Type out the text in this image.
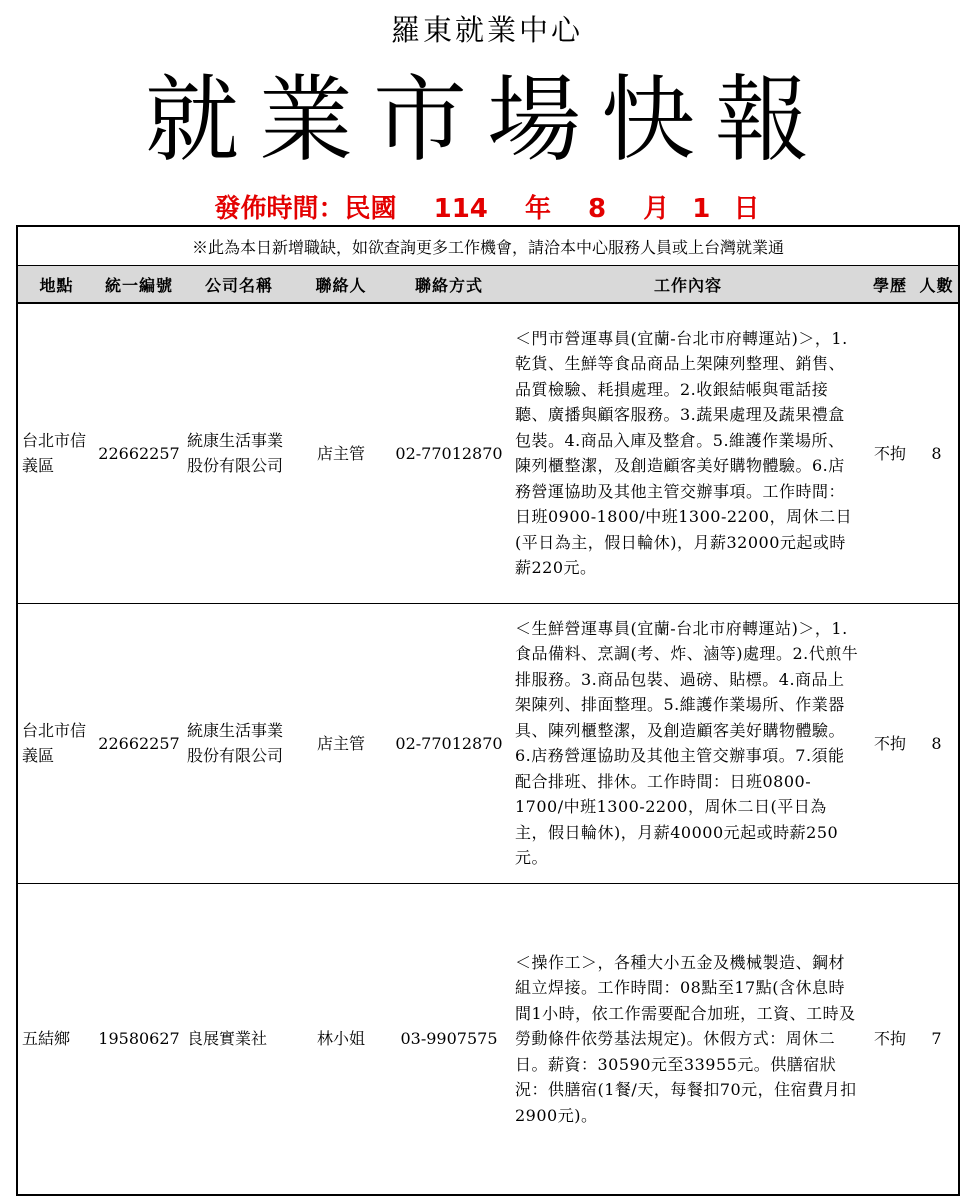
羅東就業中心
就業市場快報
發佈時間：民國 114 年 8 月 1 日
※此為本日新增職缺，如欲查詢更多工作機會，請洽本中心服務人員或上台灣就業通							
地點	統一編號	公司名稱	聯絡人	聯絡方式	工作內容	學歷	人數
台北市信義區	22662257	統康生活事業股份有限公司	店主管	02-77012870	＜門市營運專員(宜蘭-台北市府轉運站)＞，1.乾貨、生鮮等食品商品上架陳列整理、銷售、品質檢驗、耗損處理。2.收銀結帳與電話接聽、廣播與顧客服務。3.蔬果處理及蔬果禮盒包裝。4.商品入庫及整倉。5.維護作業場所、陳列櫃整潔，及創造顧客美好購物體驗。6.店務營運協助及其他主管交辦事項。工作時間：日班0900-1800/中班1300-2200，周休二日(平日為主，假日輪休)，月薪32000元起或時薪220元。	不拘	8
台北市信義區	22662257	統康生活事業股份有限公司	店主管	02-77012870	＜生鮮營運專員(宜蘭-台北市府轉運站)＞，1.食品備料、烹調(考、炸、滷等)處理。2.代煎牛排服務。3.商品包裝、過磅、貼標。4.商品上架陳列、排面整理。5.維護作業場所、作業器具、陳列櫃整潔，及創造顧客美好購物體驗。6.店務營運協助及其他主管交辦事項。7.須能配合排班、排休。工作時間：日班0800-1700/中班1300-2200，周休二日(平日為主，假日輪休)，月薪40000元起或時薪250元。	不拘	8
五結鄉	19580627	良展實業社	林小姐	03-9907575	＜操作工＞，各種大小五金及機械製造、鋼材組立焊接。工作時間：08點至17點(含休息時間1小時，依工作需要配合加班，工資、工時及勞動條件依勞基法規定)。休假方式：周休二日。薪資：30590元至33955元。供膳宿狀況：供膳宿(1餐/天，每餐扣70元，住宿費月扣2900元)。	不拘	7
